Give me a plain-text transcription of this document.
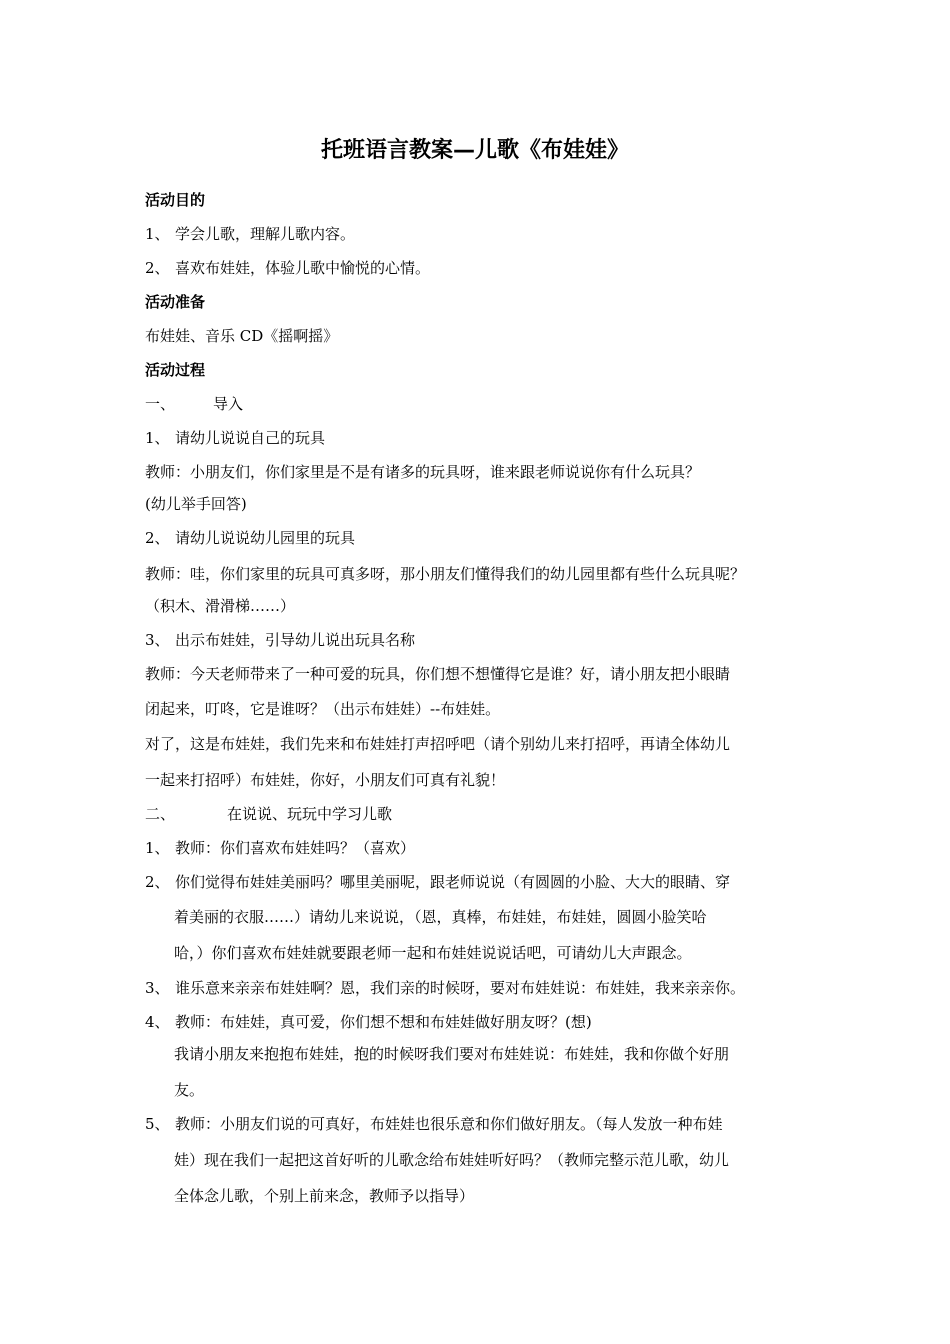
托班语言教案—儿歌《布娃娃》
活动目的
1、 学会儿歌，理解儿歌内容。
2、 喜欢布娃娃，体验儿歌中愉悦的心情。
活动准备
布娃娃、音乐 CD《摇啊摇》
活动过程
一、	导入
1、 请幼儿说说自己的玩具
教师：小朋友们，你们家里是不是有诸多的玩具呀，谁来跟老师说说你有什么玩具？
(幼儿举手回答)
2、 请幼儿说说幼儿园里的玩具
教师：哇，你们家里的玩具可真多呀，那小朋友们懂得我们的幼儿园里都有些什么玩具呢？
（积木、滑滑梯……）
3、 出示布娃娃，引导幼儿说出玩具名称
教师：今天老师带来了一种可爱的玩具，你们想不想懂得它是谁？好，请小朋友把小眼睛
闭起来，叮咚，它是谁呀？（出示布娃娃）--布娃娃。
对了，这是布娃娃，我们先来和布娃娃打声招呼吧（请个别幼儿来打招呼，再请全体幼儿
一起来打招呼）布娃娃，你好，小朋友们可真有礼貌！
二、	在说说、玩玩中学习儿歌
1、 教师：你们喜欢布娃娃吗？（喜欢）
2、 你们觉得布娃娃美丽吗？哪里美丽呢，跟老师说说（有圆圆的小脸、大大的眼睛、穿
着美丽的衣服……）请幼儿来说说，（恩，真棒，布娃娃，布娃娃，圆圆小脸笑哈
哈，）你们喜欢布娃娃就要跟老师一起和布娃娃说说话吧，可请幼儿大声跟念。
3、 谁乐意来亲亲布娃娃啊？恩，我们亲的时候呀，要对布娃娃说：布娃娃，我来亲亲你。
4、 教师：布娃娃，真可爱，你们想不想和布娃娃做好朋友呀？(想)
我请小朋友来抱抱布娃娃，抱的时候呀我们要对布娃娃说：布娃娃，我和你做个好朋
友。
5、 教师：小朋友们说的可真好，布娃娃也很乐意和你们做好朋友。（每人发放一种布娃
娃）现在我们一起把这首好听的儿歌念给布娃娃听好吗？（教师完整示范儿歌，幼儿
全体念儿歌，个别上前来念，教师予以指导）
